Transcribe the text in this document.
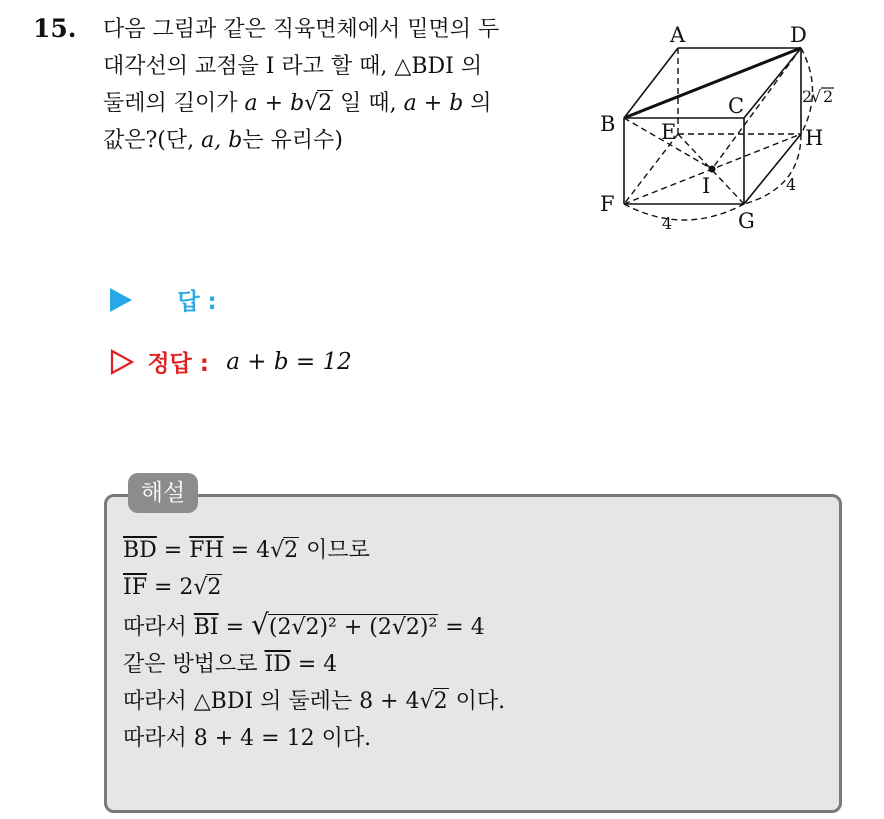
15. 다음 그림과 같은 직육면체에서 밑면의 두
대각선의 교점을 I 라고 할 때, △BDI 의
둘레의 길이가 a + b√2 일 때, a + b 의
값은?(단, a, b는 유리수)
A	D
B
C
E	H
F
G
I
2
√ 2
4
4
답 :
정답 : a + b = 12
해설
$\overline{BD} = \overline{FH} = 4√2$ 이므로
$\overline{IF} = 2√2$
따라서 $\overline{BI} = √(2√2)^2 + (2√2)^2 = 4$
같은 방법으로 $\overline{ID} = 4$
따라서 △BDI 의 둘레는 8 + 4√2 이다.
따라서 8 + 4 = 12 이다.
